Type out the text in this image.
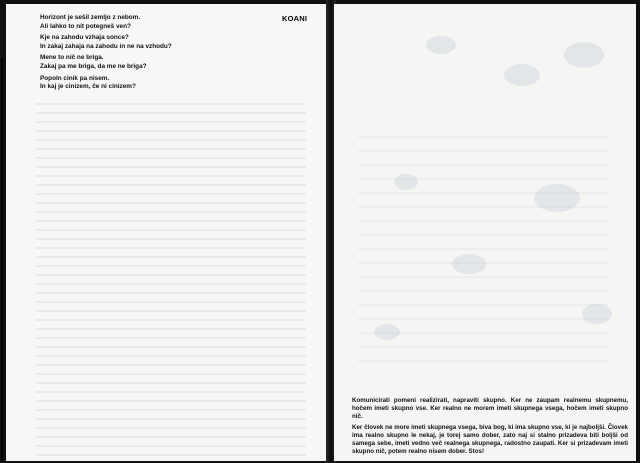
KOANI
Horizont je sešil zemljo z nebom.
Ali lahko to nit potegneš ven?
Kje na zahodu vzhaja sonce?
In zakaj zahaja na zahodu in ne na vzhodu?
Mene to nič ne briga.
Zakaj pa me briga, da me ne briga?
Popoln cinik pa nisem.
In kaj je cinizem, če ni cinizem?

Komunicirati pomeni realizirati, napraviti skupno. Ker ne zaupam realnemu skupnemu, hočem imeti skupno vse. Ker realno ne morem imeti skupnega vsega, hočem imeti skupno nič.

Ker človek ne more imeti skupnega vsega, biva bog, ki ima skupno vse, ki je najboljši. Človek ima realno skupno le nekaj, je torej samo dober, zato naj si stalno prizadeva biti boljši od samega sebe, imeti vedno več realnega skupnega, radostno zaupati. Ker si prizadevam imeti skupno nič, potem realno nisem dober. Stos!
